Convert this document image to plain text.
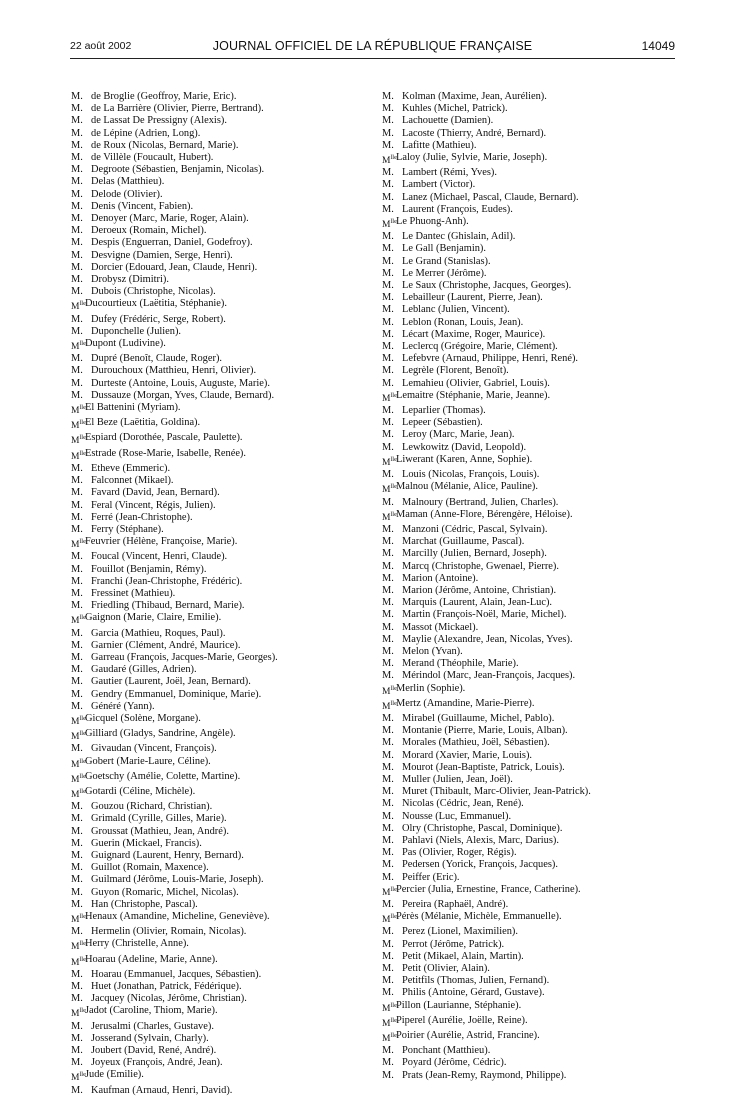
22 août 2002	JOURNAL OFFICIEL DE LA RÉPUBLIQUE FRANÇAISE	14049
M. de Broglie (Geoffroy, Marie, Eric).
M. de La Barrière (Olivier, Pierre, Bertrand).
M. de Lassat De Pressigny (Alexis).
M. de Lépine (Adrien, Long).
M. de Roux (Nicolas, Bernard, Marie).
M. de Villèle (Foucault, Hubert).
M. Degroote (Sébastien, Benjamin, Nicolas).
M. Delas (Matthieu).
M. Delode (Olivier).
M. Denis (Vincent, Fabien).
M. Denoyer (Marc, Marie, Roger, Alain).
M. Deroeux (Romain, Michel).
M. Despis (Enguerran, Daniel, Godefroy).
M. Desvigne (Damien, Serge, Henri).
M. Dorcier (Edouard, Jean, Claude, Henri).
M. Drobysz (Dimitri).
M. Dubois (Christophe, Nicolas).
$M^{lle}$ Ducourtieux (Laëtitia, Stéphanie).
M. Dufey (Frédéric, Serge, Robert).
M. Duponchelle (Julien).
$M^{lle}$ Dupont (Ludivine).
M. Dupré (Benoît, Claude, Roger).
M. Durouchoux (Matthieu, Henri, Olivier).
M. Durteste (Antoine, Louis, Auguste, Marie).
M. Dussauze (Morgan, Yves, Claude, Bernard).
$M^{lle}$ El Battenini (Myriam).
$M^{lle}$ El Beze (Laëtitia, Goldina).
$M^{lle}$ Espiard (Dorothée, Pascale, Paulette).
$M^{lle}$ Estrade (Rose-Marie, Isabelle, Renée).
M. Etheve (Emmeric).
M. Falconnet (Mikael).
M. Favard (David, Jean, Bernard).
M. Feral (Vincent, Régis, Julien).
M. Ferré (Jean-Christophe).
M. Ferry (Stéphane).
$M^{lle}$ Feuvrier (Hélène, Françoise, Marie).
M. Foucal (Vincent, Henri, Claude).
M. Fouillot (Benjamin, Rémy).
M. Franchi (Jean-Christophe, Frédéric).
M. Fressinet (Mathieu).
M. Friedling (Thibaud, Bernard, Marie).
$M^{lle}$ Gaignon (Marie, Claire, Emilie).
M. Garcia (Mathieu, Roques, Paul).
M. Garnier (Clément, André, Maurice).
M. Garreau (François, Jacques-Marie, Georges).
M. Gaudaré (Gilles, Adrien).
M. Gautier (Laurent, Joël, Jean, Bernard).
M. Gendry (Emmanuel, Dominique, Marie).
M. Généré (Yann).
$M^{lle}$ Gicquel (Solène, Morgane).
$M^{lle}$ Gilliard (Gladys, Sandrine, Angèle).
M. Givaudan (Vincent, François).
$M^{lle}$ Gobert (Marie-Laure, Céline).
$M^{lle}$ Goetschy (Amélie, Colette, Martine).
$M^{lle}$ Gotardi (Céline, Michèle).
M. Gouzou (Richard, Christian).
M. Grimald (Cyrille, Gilles, Marie).
M. Groussat (Mathieu, Jean, André).
M. Guerin (Mickael, Francis).
M. Guignard (Laurent, Henry, Bernard).
M. Guillot (Romain, Maxence).
M. Guilmard (Jérôme, Louis-Marie, Joseph).
M. Guyon (Romaric, Michel, Nicolas).
M. Han (Christophe, Pascal).
$M^{lle}$ Henaux (Amandine, Micheline, Geneviève).
M. Hermelin (Olivier, Romain, Nicolas).
$M^{lle}$ Herry (Christelle, Anne).
$M^{lle}$ Hoarau (Adeline, Marie, Anne).
M. Hoarau (Emmanuel, Jacques, Sébastien).
M. Huet (Jonathan, Patrick, Fédérique).
M. Jacquey (Nicolas, Jérôme, Christian).
$M^{lle}$ Jadot (Caroline, Thiom, Marie).
M. Jerusalmi (Charles, Gustave).
M. Josserand (Sylvain, Charly).
M. Joubert (David, René, André).
M. Joyeux (François, André, Jean).
$M^{lle}$ Jude (Emilie).
M. Kaufman (Arnaud, Henri, David).
M. Kolman (Maxime, Jean, Aurélien).
M. Kuhles (Michel, Patrick).
M. Lachouette (Damien).
M. Lacoste (Thierry, André, Bernard).
M. Lafitte (Mathieu).
$M^{lle}$ Laloy (Julie, Sylvie, Marie, Joseph).
M. Lambert (Rémi, Yves).
M. Lambert (Victor).
M. Lanez (Michael, Pascal, Claude, Bernard).
M. Laurent (François, Eudes).
$M^{lle}$ Le Phuong-Anh).
M. Le Dantec (Ghislain, Adil).
M. Le Gall (Benjamin).
M. Le Grand (Stanislas).
M. Le Merrer (Jérôme).
M. Le Saux (Christophe, Jacques, Georges).
M. Lebailleur (Laurent, Pierre, Jean).
M. Leblanc (Julien, Vincent).
M. Leblon (Ronan, Louis, Jean).
M. Lécart (Maxime, Roger, Maurice).
M. Leclercq (Grégoire, Marie, Clément).
M. Lefebvre (Arnaud, Philippe, Henri, René).
M. Legrèle (Florent, Benoît).
M. Lemahieu (Olivier, Gabriel, Louis).
$M^{lle}$ Lemaitre (Stéphanie, Marie, Jeanne).
M. Leparlier (Thomas).
M. Lepeer (Sébastien).
M. Leroy (Marc, Marie, Jean).
M. Lewkowitz (David, Leopold).
$M^{lle}$ Liwerant (Karen, Anne, Sophie).
M. Louis (Nicolas, François, Louis).
$M^{lle}$ Malnou (Mélanie, Alice, Pauline).
M. Malnoury (Bertrand, Julien, Charles).
$M^{lle}$ Maman (Anne-Flore, Bérengère, Héloise).
M. Manzoni (Cédric, Pascal, Sylvain).
M. Marchat (Guillaume, Pascal).
M. Marcilly (Julien, Bernard, Joseph).
M. Marcq (Christophe, Gwenael, Pierre).
M. Marion (Antoine).
M. Marion (Jérôme, Antoine, Christian).
M. Marquis (Laurent, Alain, Jean-Luc).
M. Martin (François-Noël, Marie, Michel).
M. Massot (Mickael).
M. Maylie (Alexandre, Jean, Nicolas, Yves).
M. Melon (Yvan).
M. Merand (Théophile, Marie).
M. Mérindol (Marc, Jean-François, Jacques).
$M^{lle}$ Merlin (Sophie).
$M^{lle}$ Mertz (Amandine, Marie-Pierre).
M. Mirabel (Guillaume, Michel, Pablo).
M. Montanie (Pierre, Marie, Louis, Alban).
M. Morales (Mathieu, Joël, Sébastien).
M. Morard (Xavier, Marie, Louis).
M. Mourot (Jean-Baptiste, Patrick, Louis).
M. Muller (Julien, Jean, Joël).
M. Muret (Thibault, Marc-Olivier, Jean-Patrick).
M. Nicolas (Cédric, Jean, René).
M. Nousse (Luc, Emmanuel).
M. Olry (Christophe, Pascal, Dominique).
M. Pahlavi (Niels, Alexis, Marc, Darius).
M. Pas (Olivier, Roger, Régis).
M. Pedersen (Yorick, François, Jacques).
M. Peiffer (Eric).
$M^{lle}$ Percier (Julia, Ernestine, France, Catherine).
M. Pereira (Raphaël, André).
$M^{lle}$ Pérès (Mélanie, Michèle, Emmanuelle).
M. Perez (Lionel, Maximilien).
M. Perrot (Jérôme, Patrick).
M. Petit (Mikael, Alain, Martin).
M. Petit (Olivier, Alain).
M. Petitfils (Thomas, Julien, Fernand).
M. Philis (Antoine, Gérard, Gustave).
$M^{lle}$ Pillon (Laurianne, Stéphanie).
$M^{lle}$ Piperel (Aurélie, Joëlle, Reine).
$M^{lle}$ Poirier (Aurélie, Astrid, Francine).
M. Ponchant (Matthieu).
M. Poyard (Jérôme, Cédric).
M. Prats (Jean-Remy, Raymond, Philippe).
